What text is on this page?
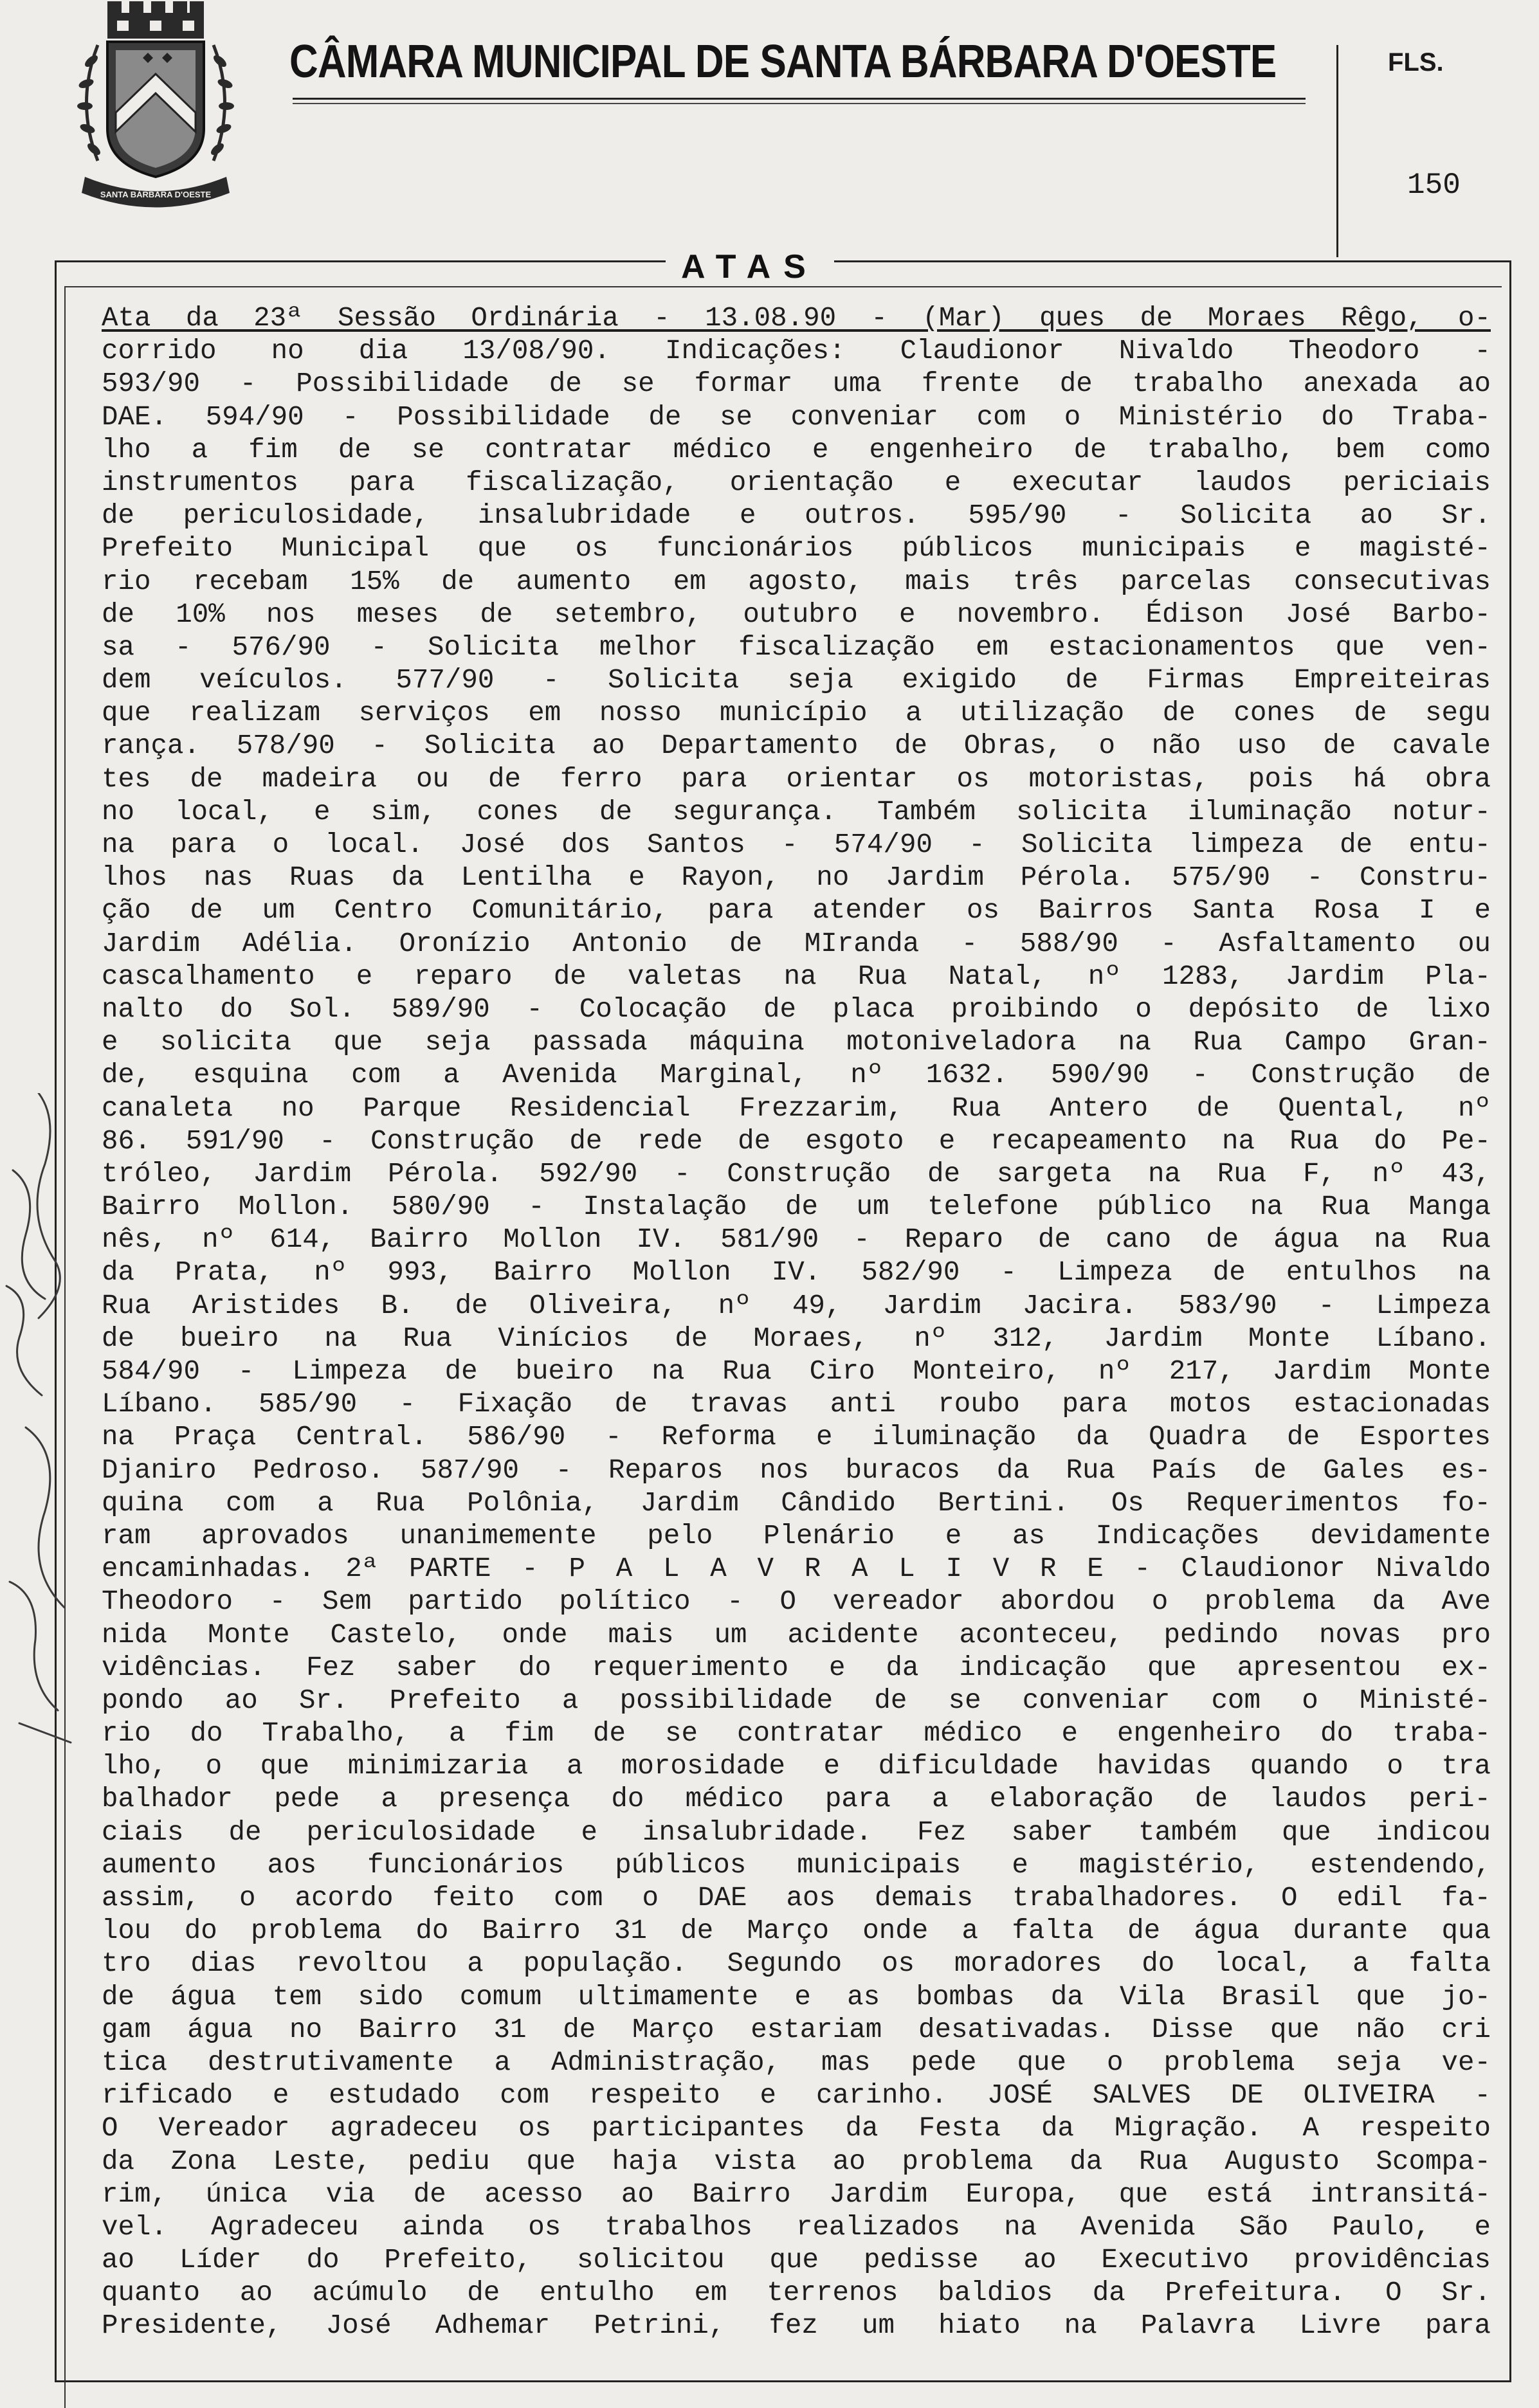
SANTA BÁRBARA D'OESTE
CÂMARA MUNICIPAL DE SANTA BÁRBARA D'OESTE	FLS.
150
ATAS
Ata da 23ª Sessão Ordinária - 13.08.90 - (Mar) ques de Moraes Rêgo, o-
corrido no dia 13/08/90. Indicações: Claudionor Nivaldo Theodoro -
593/90 - Possibilidade de se formar uma frente de trabalho anexada ao
DAE. 594/90 - Possibilidade de se conveniar com o Ministério do Traba-
lho a fim de se contratar médico e engenheiro de trabalho, bem como
instrumentos para fiscalização, orientação e executar laudos periciais
de periculosidade, insalubridade e outros. 595/90 - Solicita ao Sr.
Prefeito Municipal que os funcionários públicos municipais e magisté-
rio recebam 15% de aumento em agosto, mais três parcelas consecutivas
de 10% nos meses de setembro, outubro e novembro. Édison José Barbo-
sa - 576/90 - Solicita melhor fiscalização em estacionamentos que ven-
dem veículos. 577/90 - Solicita seja exigido de Firmas Empreiteiras
que realizam serviços em nosso município a utilização de cones de segu
rança. 578/90 - Solicita ao Departamento de Obras, o não uso de cavale
tes de madeira ou de ferro para orientar os motoristas, pois há obra
no local, e sim, cones de segurança. Também solicita iluminação notur-
na para o local. José dos Santos - 574/90 - Solicita limpeza de entu-
lhos nas Ruas da Lentilha e Rayon, no Jardim Pérola. 575/90 - Constru-
ção de um Centro Comunitário, para atender os Bairros Santa Rosa I e
Jardim Adélia. Oronízio Antonio de MIranda - 588/90 - Asfaltamento ou
cascalhamento e reparo de valetas na Rua Natal, nº 1283, Jardim Pla-
nalto do Sol. 589/90 - Colocação de placa proibindo o depósito de lixo
e solicita que seja passada máquina motoniveladora na Rua Campo Gran-
de, esquina com a Avenida Marginal, nº 1632. 590/90 - Construção de
canaleta no Parque Residencial Frezzarim, Rua Antero de Quental, nº
86. 591/90 - Construção de rede de esgoto e recapeamento na Rua do Pe-
tróleo, Jardim Pérola. 592/90 - Construção de sargeta na Rua F, nº 43,
Bairro Mollon. 580/90 - Instalação de um telefone público na Rua Manga
nês, nº 614, Bairro Mollon IV. 581/90 - Reparo de cano de água na Rua
da Prata, nº 993, Bairro Mollon IV. 582/90 - Limpeza de entulhos na
Rua Aristides B. de Oliveira, nº 49, Jardim Jacira. 583/90 - Limpeza
de bueiro na Rua Vinícios de Moraes, nº 312, Jardim Monte Líbano.
584/90 - Limpeza de bueiro na Rua Ciro Monteiro, nº 217, Jardim Monte
Líbano. 585/90 - Fixação de travas anti roubo para motos estacionadas
na Praça Central. 586/90 - Reforma e iluminação da Quadra de Esportes
Djaniro Pedroso. 587/90 - Reparos nos buracos da Rua País de Gales es-
quina com a Rua Polônia, Jardim Cândido Bertini. Os Requerimentos fo-
ram aprovados unanimemente pelo Plenário e as Indicações devidamente
encaminhadas. 2ª PARTE - P A L A V R A L I V R E - Claudionor Nivaldo
Theodoro - Sem partido político - O vereador abordou o problema da Ave
nida Monte Castelo, onde mais um acidente aconteceu, pedindo novas pro
vidências. Fez saber do requerimento e da indicação que apresentou ex-
pondo ao Sr. Prefeito a possibilidade de se conveniar com o Ministé-
rio do Trabalho, a fim de se contratar médico e engenheiro do traba-
lho, o que minimizaria a morosidade e dificuldade havidas quando o tra
balhador pede a presença do médico para a elaboração de laudos peri-
ciais de periculosidade e insalubridade. Fez saber também que indicou
aumento aos funcionários públicos municipais e magistério, estendendo,
assim, o acordo feito com o DAE aos demais trabalhadores. O edil fa-
lou do problema do Bairro 31 de Março onde a falta de água durante qua
tro dias revoltou a população. Segundo os moradores do local, a falta
de água tem sido comum ultimamente e as bombas da Vila Brasil que jo-
gam água no Bairro 31 de Março estariam desativadas. Disse que não cri
tica destrutivamente a Administração, mas pede que o problema seja ve-
rificado e estudado com respeito e carinho. JOSÉ SALVES DE OLIVEIRA -
O Vereador agradeceu os participantes da Festa da Migração. A respeito
da Zona Leste, pediu que haja vista ao problema da Rua Augusto Scompa-
rim, única via de acesso ao Bairro Jardim Europa, que está intransitá-
vel. Agradeceu ainda os trabalhos realizados na Avenida São Paulo, e
ao Líder do Prefeito, solicitou que pedisse ao Executivo providências
quanto ao acúmulo de entulho em terrenos baldios da Prefeitura. O Sr.
Presidente, José Adhemar Petrini, fez um hiato na Palavra Livre para
